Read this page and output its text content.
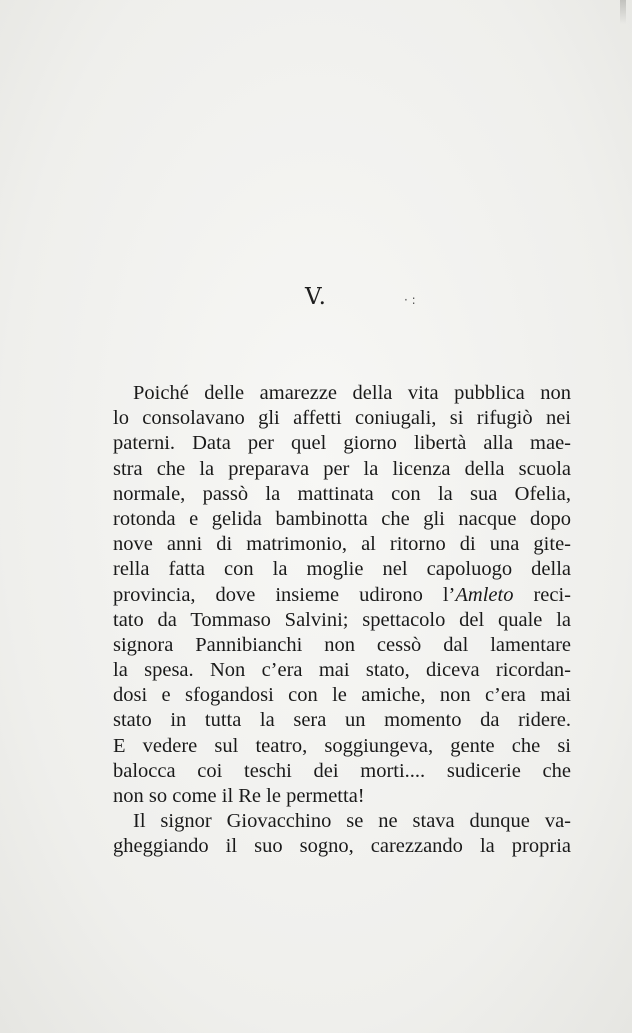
V.	· :
Poiché delle amarezze della vita pubblica non
lo consolavano gli affetti coniugali, si rifugiò nei
paterni. Data per quel giorno libertà alla mae-
stra che la preparava per la licenza della scuola
normale, passò la mattinata con la sua Ofelia,
rotonda e gelida bambinotta che gli nacque dopo
nove anni di matrimonio, al ritorno di una gite-
rella fatta con la moglie nel capoluogo della
provincia, dove insieme udirono l’Amleto reci-
tato da Tommaso Salvini; spettacolo del quale la
signora Pannibianchi non cessò dal lamentare
la spesa. Non c’era mai stato, diceva ricordan-
dosi e sfogandosi con le amiche, non c’era mai
stato in tutta la sera un momento da ridere.
E vedere sul teatro, soggiungeva, gente che si
balocca coi teschi dei morti.... sudicerie che
non so come il Re le permetta!
Il signor Giovacchino se ne stava dunque va-
gheggiando il suo sogno, carezzando la propria
